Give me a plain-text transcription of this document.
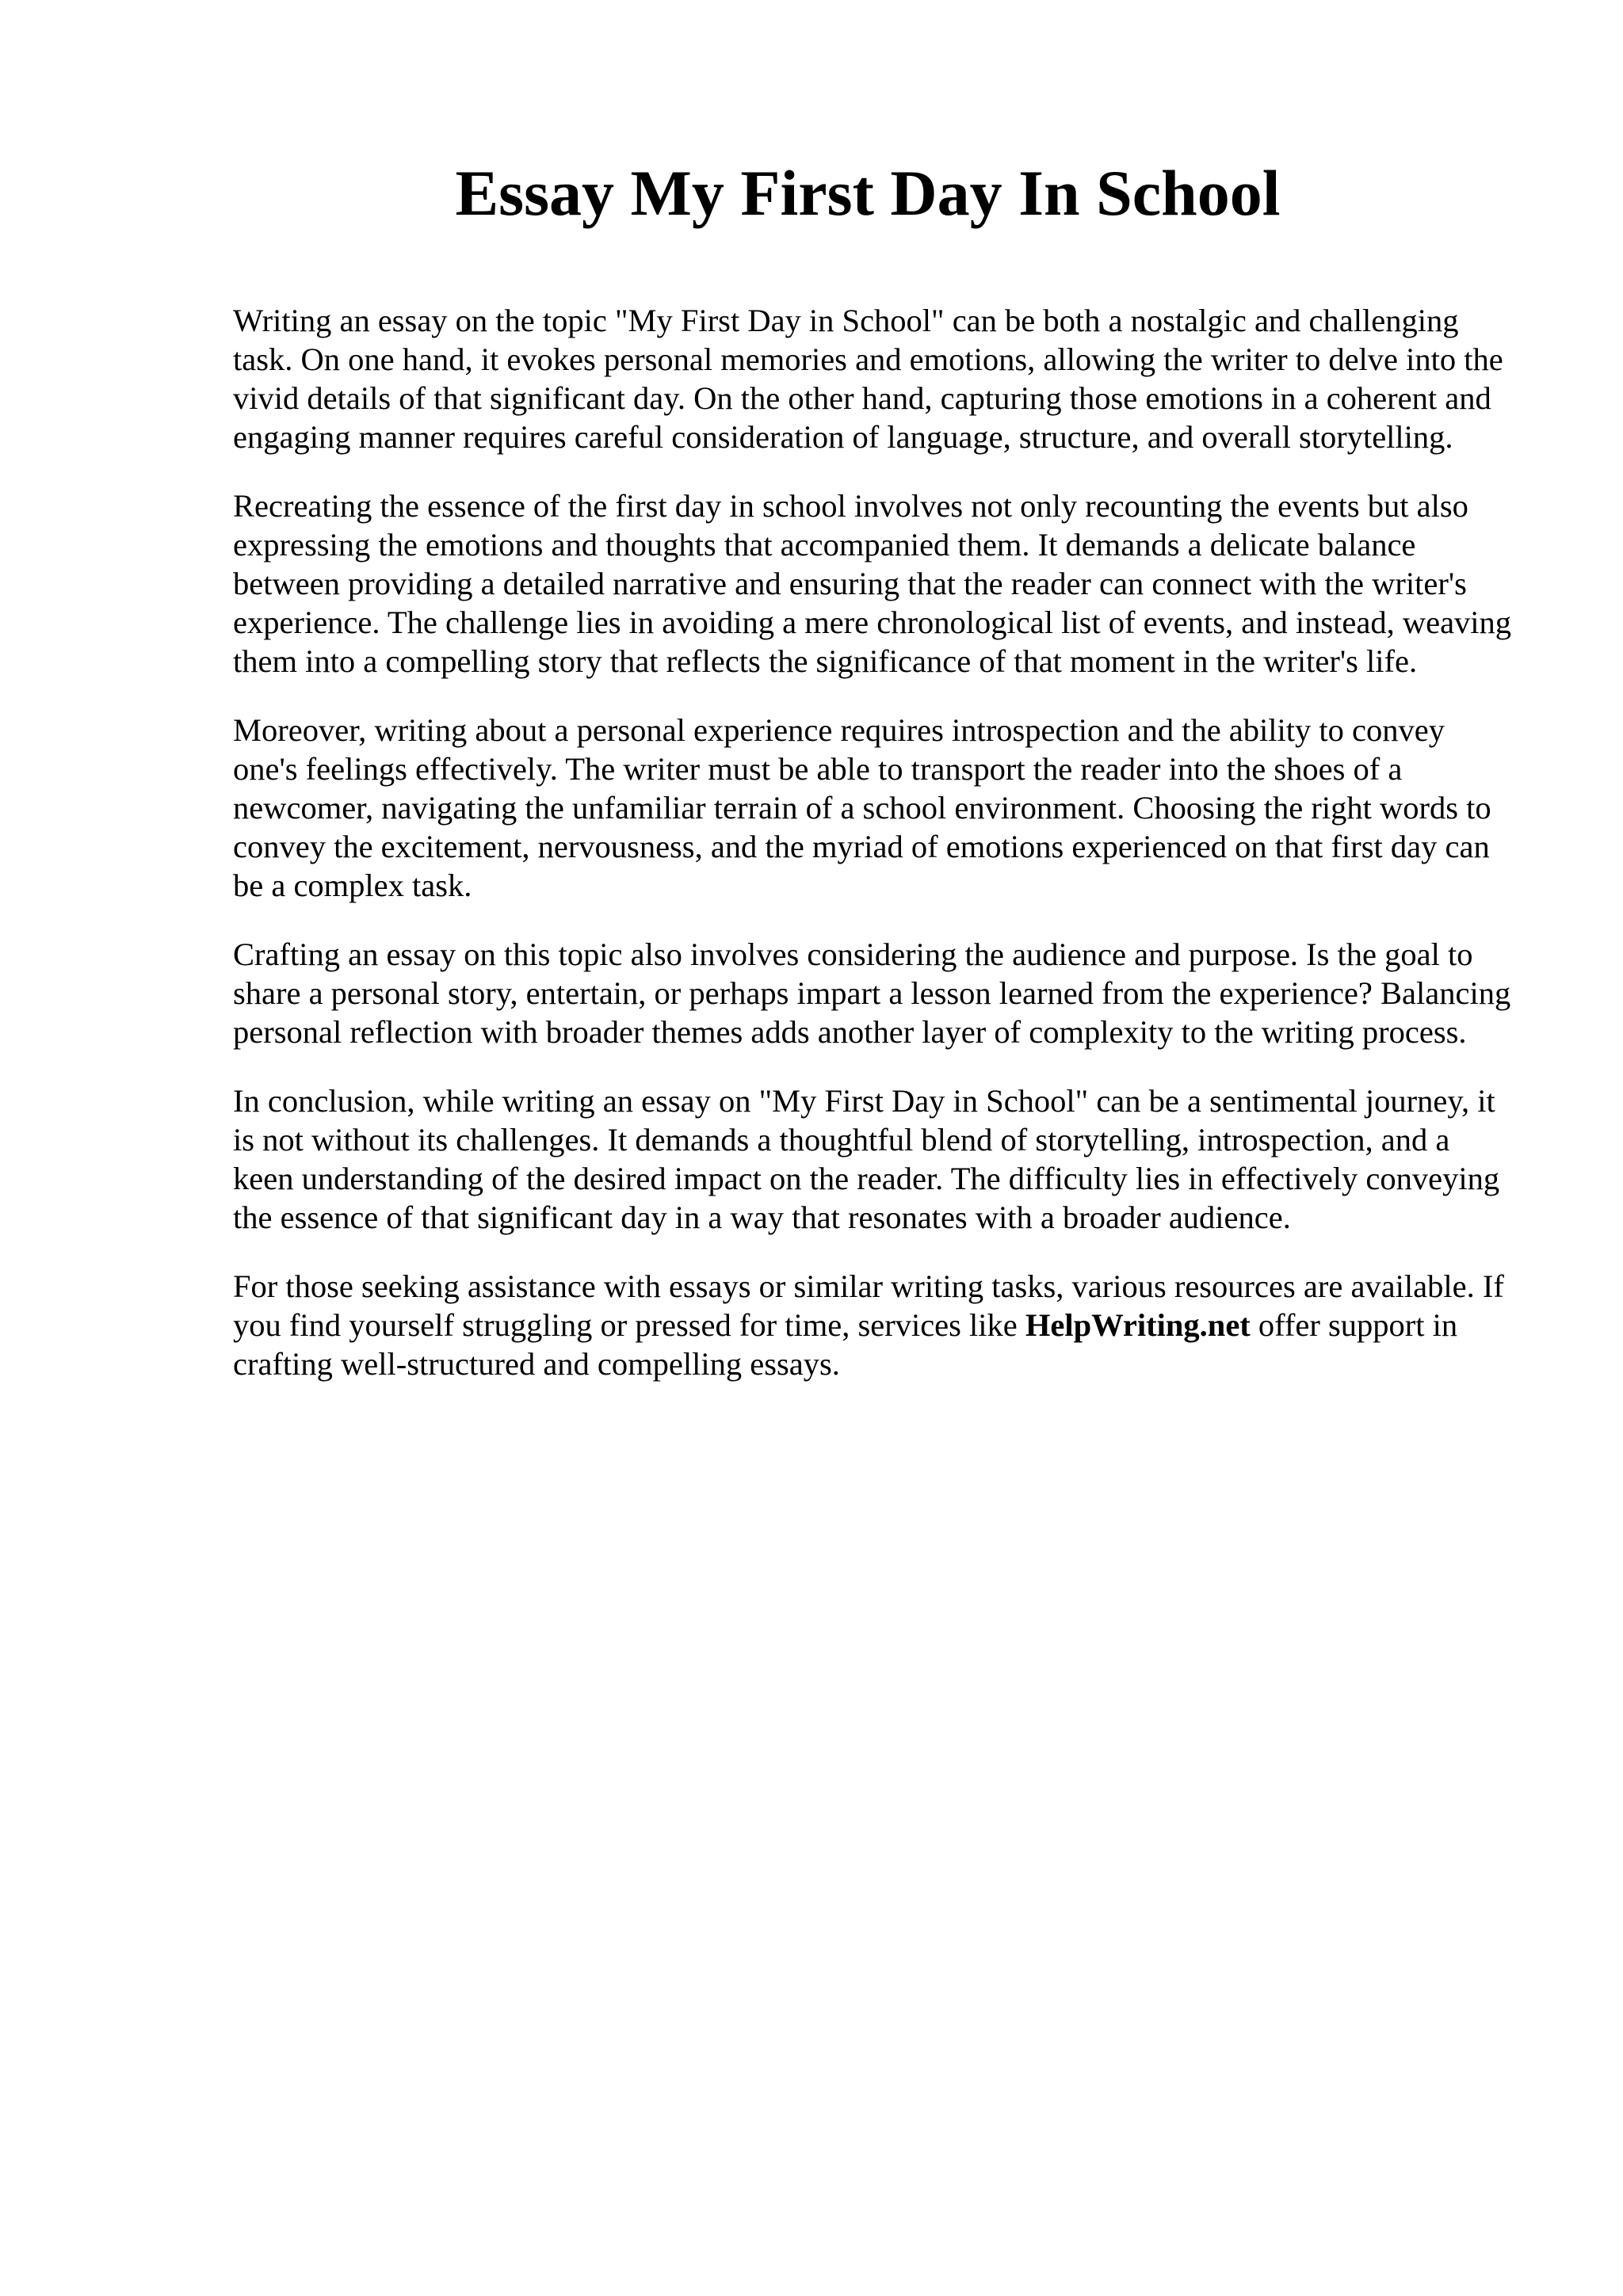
Essay My First Day In School

Writing an essay on the topic "My First Day in School" can be both a nostalgic and challenging task. On one hand, it evokes personal memories and emotions, allowing the writer to delve into the vivid details of that significant day. On the other hand, capturing those emotions in a coherent and engaging manner requires careful consideration of language, structure, and overall storytelling.

Recreating the essence of the first day in school involves not only recounting the events but also expressing the emotions and thoughts that accompanied them. It demands a delicate balance between providing a detailed narrative and ensuring that the reader can connect with the writer's experience. The challenge lies in avoiding a mere chronological list of events, and instead, weaving them into a compelling story that reflects the significance of that moment in the writer's life.

Moreover, writing about a personal experience requires introspection and the ability to convey one's feelings effectively. The writer must be able to transport the reader into the shoes of a newcomer, navigating the unfamiliar terrain of a school environment. Choosing the right words to convey the excitement, nervousness, and the myriad of emotions experienced on that first day can be a complex task.

Crafting an essay on this topic also involves considering the audience and purpose. Is the goal to share a personal story, entertain, or perhaps impart a lesson learned from the experience? Balancing personal reflection with broader themes adds another layer of complexity to the writing process.

In conclusion, while writing an essay on "My First Day in School" can be a sentimental journey, it is not without its challenges. It demands a thoughtful blend of storytelling, introspection, and a keen understanding of the desired impact on the reader. The difficulty lies in effectively conveying the essence of that significant day in a way that resonates with a broader audience.

For those seeking assistance with essays or similar writing tasks, various resources are available. If you find yourself struggling or pressed for time, services like HelpWriting.net offer support in crafting well-structured and compelling essays.
